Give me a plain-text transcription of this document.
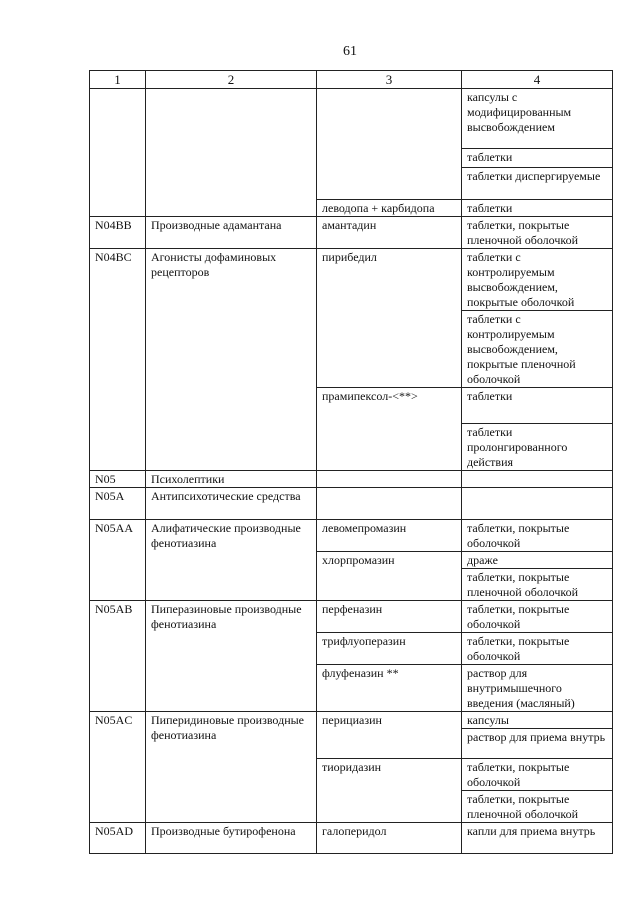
61
1	2	3	4
			капсулы с модифицированным высвобождением
			таблетки
			таблетки диспергируемые
		леводопа + карбидопа	таблетки
N04BB	Производные адамантана	амантадин	таблетки, покрытые пленочной оболочкой
N04BC	Агонисты дофаминовых рецепторов	пирибедил	таблетки с контролируемым высвобождением, покрытые оболочкой
			таблетки с контролируемым высвобождением, покрытые пленочной оболочкой
		прамипексол-<**>	таблетки
			таблетки пролонгированного действия
N05	Психолептики		
N05A	Антипсихотические средства		
N05AA	Алифатические производные фенотиазина	левомепромазин	таблетки, покрытые оболочкой
		хлорпромазин	драже
			таблетки, покрытые пленочной оболочкой
N05AB	Пиперазиновые производные фенотиазина	перфеназин	таблетки, покрытые оболочкой
		трифлуоперазин	таблетки, покрытые оболочкой
		флуфеназин **	раствор для внутримышечного введения (масляный)
N05AC	Пиперидиновые производные фенотиазина	перициазин	капсулы
			раствор для приема внутрь
		тиоридазин	таблетки, покрытые оболочкой
			таблетки, покрытые пленочной оболочкой
N05AD	Производные бутирофенона	галоперидол	капли для приема внутрь
